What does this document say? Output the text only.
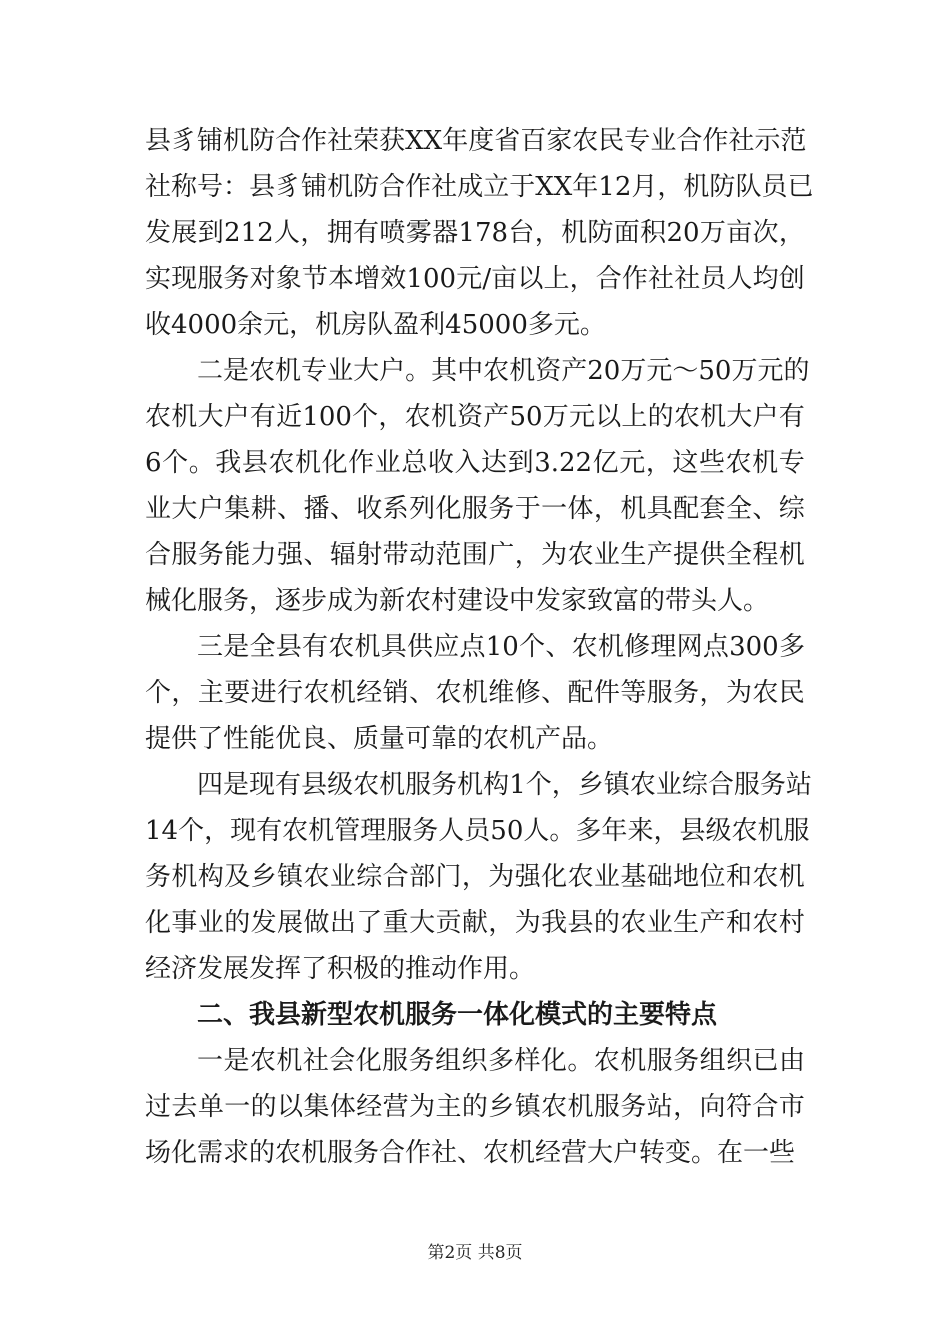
县 豸 铺 机 防 合 作 社 荣 获 XX 年 度 省 百 家 农 民 专 业 合 作 社 示 范
社 称 号 ： 县 豸 铺 机 防 合 作 社 成 立 于 XX 年 12 月 ， 机 防 队 员 已
发 展 到 212 人 ， 拥 有 喷 雾 器 178 台 ， 机 防 面 积 20 万 亩 次 ，
实 现 服 务 对 象 节 本 增 效 100 元 / 亩 以 上 ， 合 作 社 社 员 人 均 创
收4000余元，机房队盈利45000多元。
二 是 农 机 专 业 大 户 。 其 中 农 机 资 产 20 万 元 ～ 50 万 元 的
农 机 大 户 有 近 100 个 ， 农 机 资 产 50 万 元 以 上 的 农 机 大 户 有
6 个 。 我 县 农 机 化 作 业 总 收 入 达 到 3.22 亿 元 ， 这 些 农 机 专
业 大 户 集 耕 、 播 、 收 系 列 化 服 务 于 一 体 ， 机 具 配 套 全 、 综
合 服 务 能 力 强 、 辐 射 带 动 范 围 广 ， 为 农 业 生 产 提 供 全 程 机
械化服务，逐步成为新农村建设中发家致富的带头人。
三 是 全 县 有 农 机 具 供 应 点 10 个 、 农 机 修 理 网 点 300 多
个 ， 主 要 进 行 农 机 经 销 、 农 机 维 修 、 配 件 等 服 务 ， 为 农 民
提供了性能优良、质量可靠的农机产品。
四 是 现 有 县 级 农 机 服 务 机 构 1 个 ， 乡 镇 农 业 综 合 服 务 站
14 个 ， 现 有 农 机 管 理 服 务 人 员 50 人 。 多 年 来 ， 县 级 农 机 服
务 机 构 及 乡 镇 农 业 综 合 部 门 ， 为 强 化 农 业 基 础 地 位 和 农 机
化 事 业 的 发 展 做 出 了 重 大 贡 献 ， 为 我 县 的 农 业 生 产 和 农 村
经济发展发挥了积极的推动作用。
二、我县新型农机服务一体化模式的主要特点
一 是 农 机 社 会 化 服 务 组 织 多 样 化 。 农 机 服 务 组 织 已 由
过 去 单 一 的 以 集 体 经 营 为 主 的 乡 镇 农 机 服 务 站 ， 向 符 合 市
场化需求的农机服务合作社、农机经营大户转变。在一些
第2页 共8页
